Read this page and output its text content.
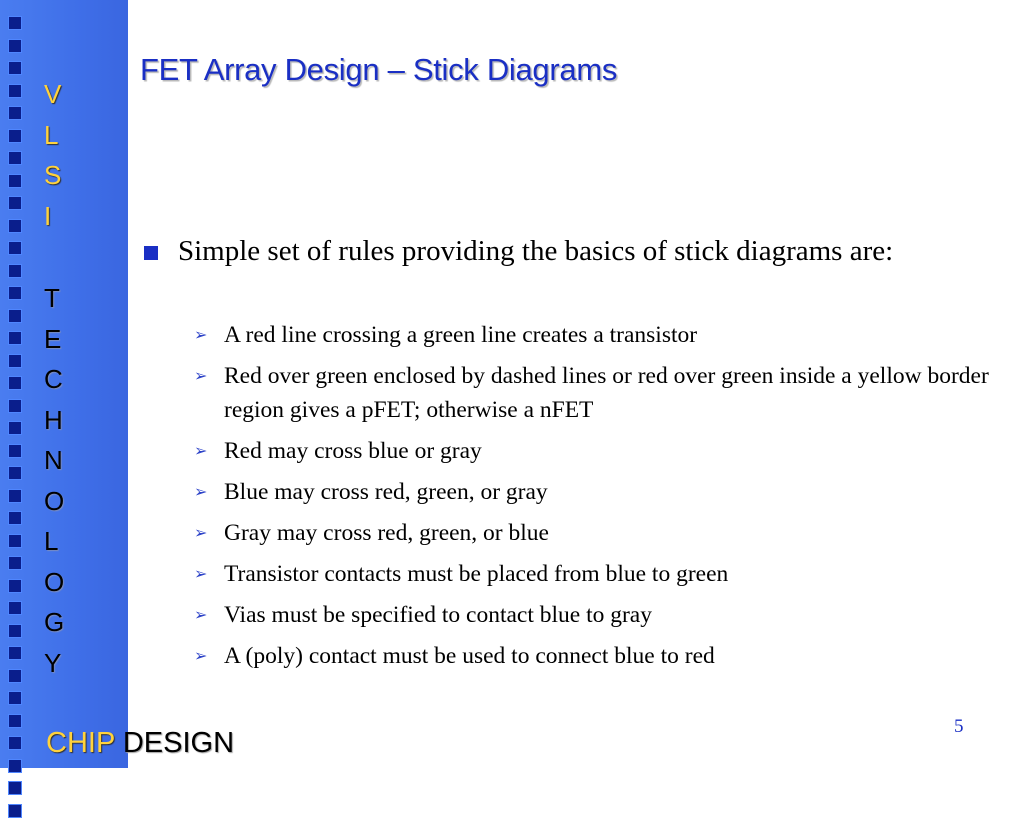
V
L
S
I
T
E
C
H
N
O
L
O
G
Y
CHIP DESIGN
FET Array Design – Stick Diagrams
Simple set of rules providing the basics of stick diagrams are:
➢ A red line crossing a green line creates a transistor
➢ Red over green enclosed by dashed lines or red over green inside a yellow border region gives a pFET; otherwise a nFET
➢ Red may cross blue or gray
➢ Blue may cross red, green, or gray
➢ Gray may cross red, green, or blue
➢ Transistor contacts must be placed from blue to green
➢ Vias must be specified to contact blue to gray
➢ A (poly) contact must be used to connect blue to red
5
